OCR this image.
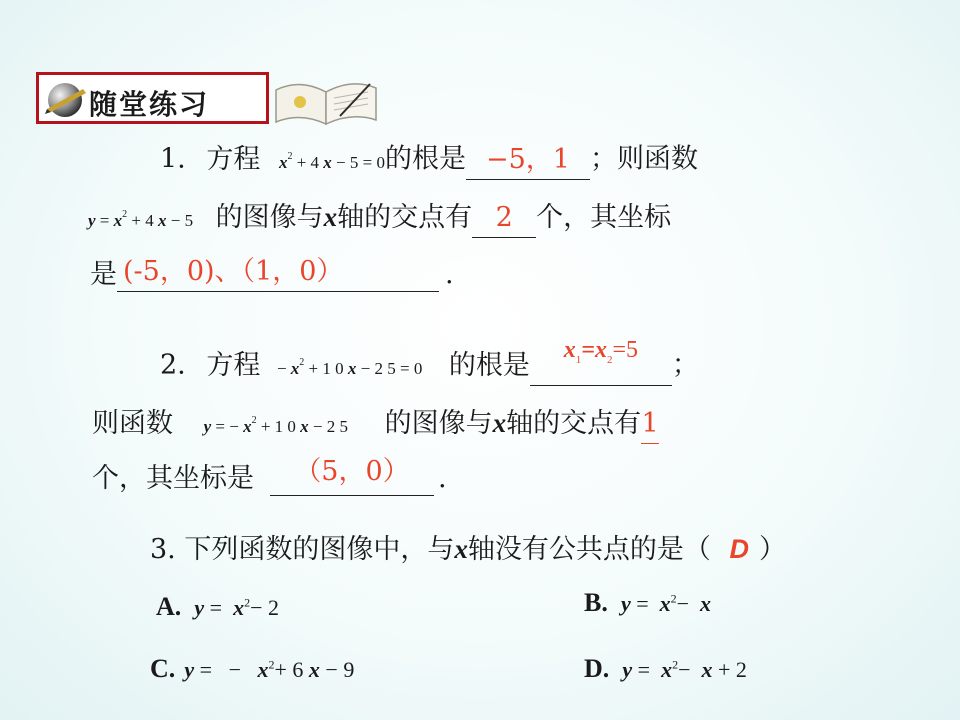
随堂练习
1. 方程 $x^2 + 4$ x − 5 = 0的根是 −5，1 ；则函数
$y = x^2 + 4$ x − 5 的图像与x轴的交点有 2 个，其坐标
是 (-5，0)、（1，0）	.
2. 方程 − $x^2 + 1$ 0 x − 2 5 = 0 的根是	$x_1=x_2=5$	；
则函数 y = − $x^2 + 1$ 0 x − 2 5 的图像与x轴的交点有 1
个，其坐标是	（5，0）	.
3. 下列函数的图像中，与x轴没有公共点的是（ D ）
A. $y = x^2- 2$	B. $y = x^2- x$
C. y = − $x^2+ 6$ x − 9	D. $y = x^2- x + 2$
